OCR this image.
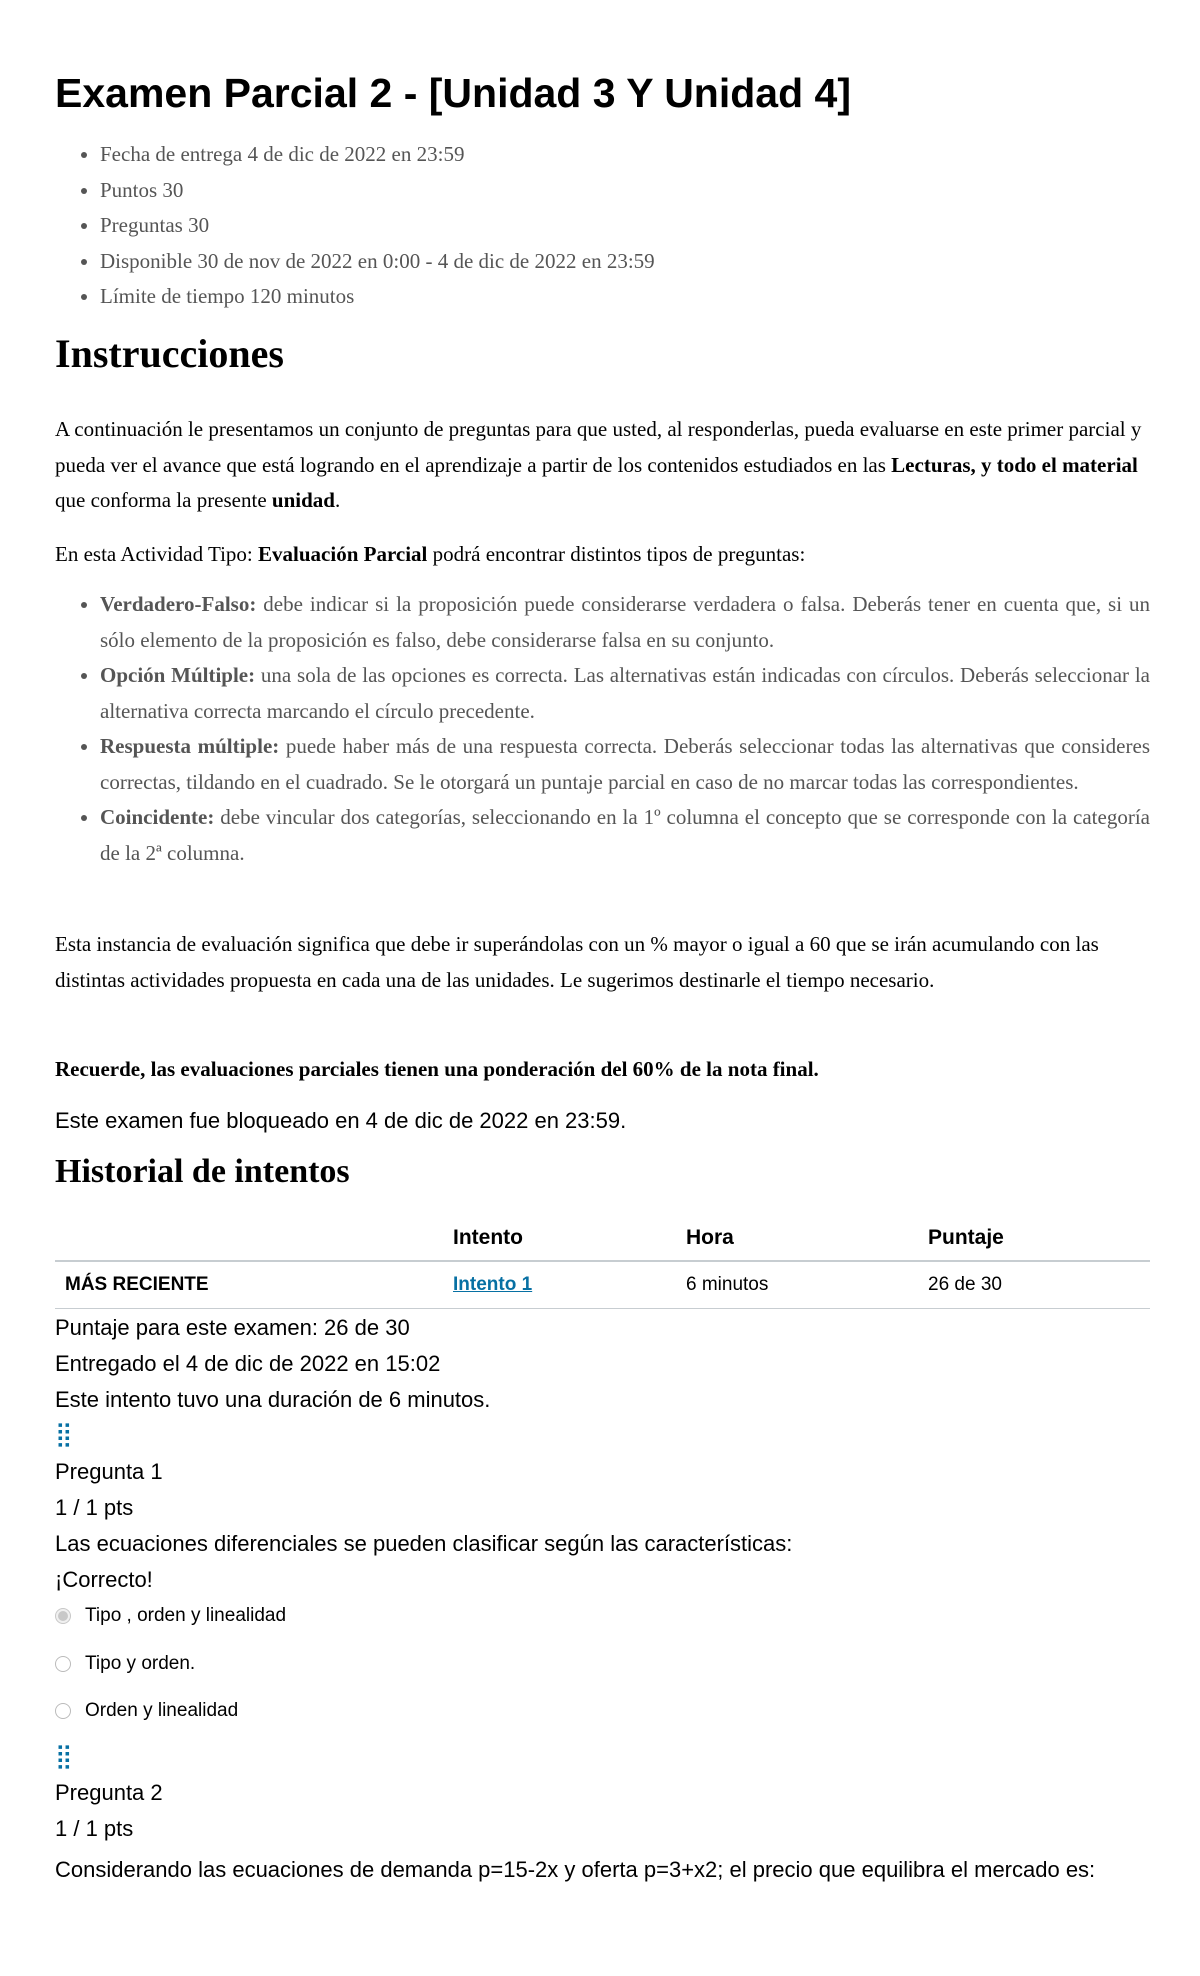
Examen Parcial 2 - [Unidad 3 Y Unidad 4]
• Fecha de entrega 4 de dic de 2022 en 23:59
• Puntos 30
• Preguntas 30
• Disponible 30 de nov de 2022 en 0:00 - 4 de dic de 2022 en 23:59
• Límite de tiempo 120 minutos
Instrucciones

A continuación le presentamos un conjunto de preguntas para que usted, al responderlas, pueda evaluarse en este primer parcial y pueda ver el avance que está logrando en el aprendizaje a partir de los contenidos estudiados en las Lecturas, y todo el material que conforma la presente unidad.

En esta Actividad Tipo: Evaluación Parcial podrá encontrar distintos tipos de preguntas:

• Verdadero-Falso: debe indicar si la proposición puede considerarse verdadera o falsa. Deberás tener en cuenta que, si un sólo elemento de la proposición es falso, debe considerarse falsa en su conjunto.
• Opción Múltiple: una sola de las opciones es correcta. Las alternativas están indicadas con círculos. Deberás seleccionar la alternativa correcta marcando el círculo precedente.
• Respuesta múltiple: puede haber más de una respuesta correcta. Deberás seleccionar todas las alternativas que consideres correctas, tildando en el cuadrado. Se le otorgará un puntaje parcial en caso de no marcar todas las correspondientes.
• Coincidente: debe vincular dos categorías, seleccionando en la 1º columna el concepto que se corresponde con la categoría de la 2ª columna.

Esta instancia de evaluación significa que debe ir superándolas con un % mayor o igual a 60 que se irán acumulando con las distintas actividades propuesta en cada una de las unidades. Le sugerimos destinarle el tiempo necesario.

Recuerde, las evaluaciones parciales tienen una ponderación del 60% de la nota final.

Este examen fue bloqueado en 4 de dic de 2022 en 23:59.
Historial de intentos
	Intento	Hora	Puntaje
MÁS RECIENTE	Intento 1	6 minutos	26 de 30
Puntaje para este examen: 26 de 30
Entregado el 4 de dic de 2022 en 15:02
Este intento tuvo una duración de 6 minutos.
⣿
Pregunta 1
1 / 1 pts
Las ecuaciones diferenciales se pueden clasificar según las características:
¡Correcto!
Tipo , orden y linealidad
Tipo y orden.
Orden y linealidad
⣿
Pregunta 2
1 / 1 pts
Considerando las ecuaciones de demanda p=15-2x y oferta p=3+x2; el precio que equilibra el mercado es:
